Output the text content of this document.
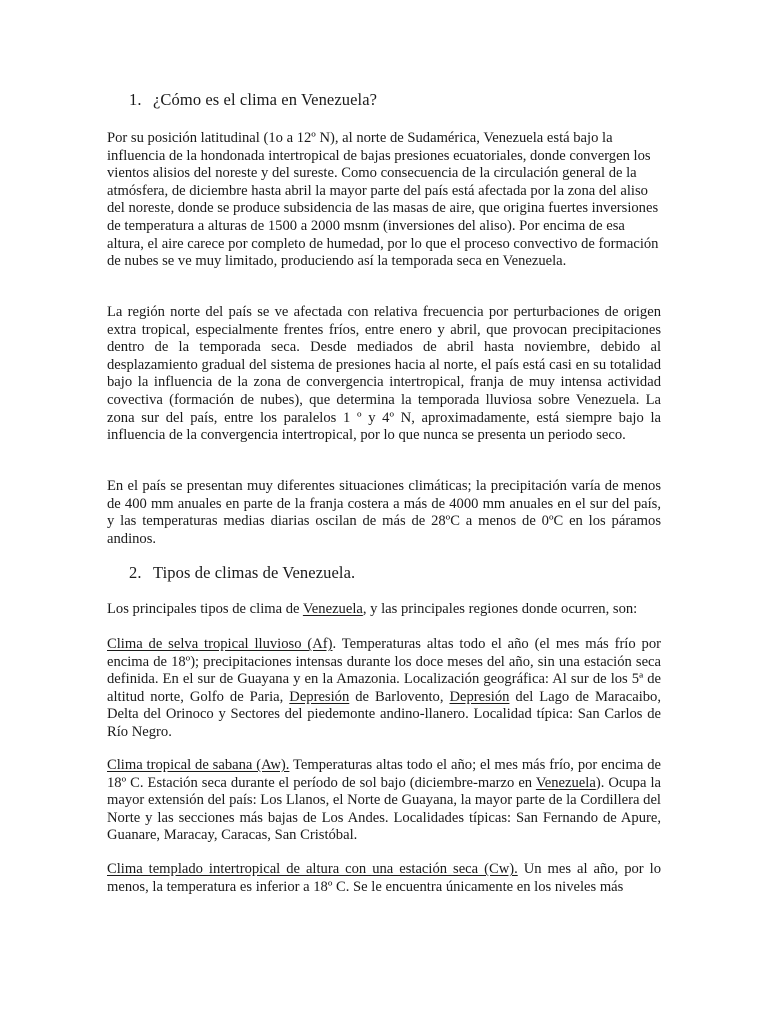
1. ¿Cómo es el clima en Venezuela?

Por su posición latitudinal (1o a 12º N), al norte de Sudamérica, Venezuela está bajo la influencia de la hondonada intertropical de bajas presiones ecuatoriales, donde convergen los vientos alisios del noreste y del sureste. Como consecuencia de la circulación general de la atmósfera, de diciembre hasta abril la mayor parte del país está afectada por la zona del aliso del noreste, donde se produce subsidencia de las masas de aire, que origina fuertes inversiones de temperatura a alturas de 1500 a 2000 msnm (inversiones del aliso). Por encima de esa altura, el aire carece por completo de humedad, por lo que el proceso convectivo de formación de nubes se ve muy limitado, produciendo así la temporada seca en Venezuela.

La región norte del país se ve afectada con relativa frecuencia por perturbaciones de origen extra tropical, especialmente frentes fríos, entre enero y abril, que provocan precipitaciones dentro de la temporada seca. Desde mediados de abril hasta noviembre, debido al desplazamiento gradual del sistema de presiones hacia al norte, el país está casi en su totalidad bajo la influencia de la zona de convergencia intertropical, franja de muy intensa actividad covectiva (formación de nubes), que determina la temporada lluviosa sobre Venezuela. La zona sur del país, entre los paralelos 1 º y 4º N, aproximadamente, está siempre bajo la influencia de la convergencia intertropical, por lo que nunca se presenta un periodo seco.

En el país se presentan muy diferentes situaciones climáticas; la precipitación varía de menos de 400 mm anuales en parte de la franja costera a más de 4000 mm anuales en el sur del país, y las temperaturas medias diarias oscilan de más de 28ºC a menos de 0ºC en los páramos andinos.

2. Tipos de climas de Venezuela.

Los principales tipos de clima de Venezuela, y las principales regiones donde ocurren, son:

Clima de selva tropical lluvioso (Af). Temperaturas altas todo el año (el mes más frío por encima de 18º); precipitaciones intensas durante los doce meses del año, sin una estación seca definida. En el sur de Guayana y en la Amazonia. Localización geográfica: Al sur de los 5ª de altitud norte, Golfo de Paria, Depresión de Barlovento, Depresión del Lago de Maracaibo, Delta del Orinoco y Sectores del piedemonte andino-llanero. Localidad típica: San Carlos de Río Negro.

Clima tropical de sabana (Aw). Temperaturas altas todo el año; el mes más frío, por encima de 18º C. Estación seca durante el período de sol bajo (diciembre-marzo en Venezuela). Ocupa la mayor extensión del país: Los Llanos, el Norte de Guayana, la mayor parte de la Cordillera del Norte y las secciones más bajas de Los Andes. Localidades típicas: San Fernando de Apure, Guanare, Maracay, Caracas, San Cristóbal.

Clima templado intertropical de altura con una estación seca (Cw). Un mes al año, por lo menos, la temperatura es inferior a 18º C. Se le encuentra únicamente en los niveles más
